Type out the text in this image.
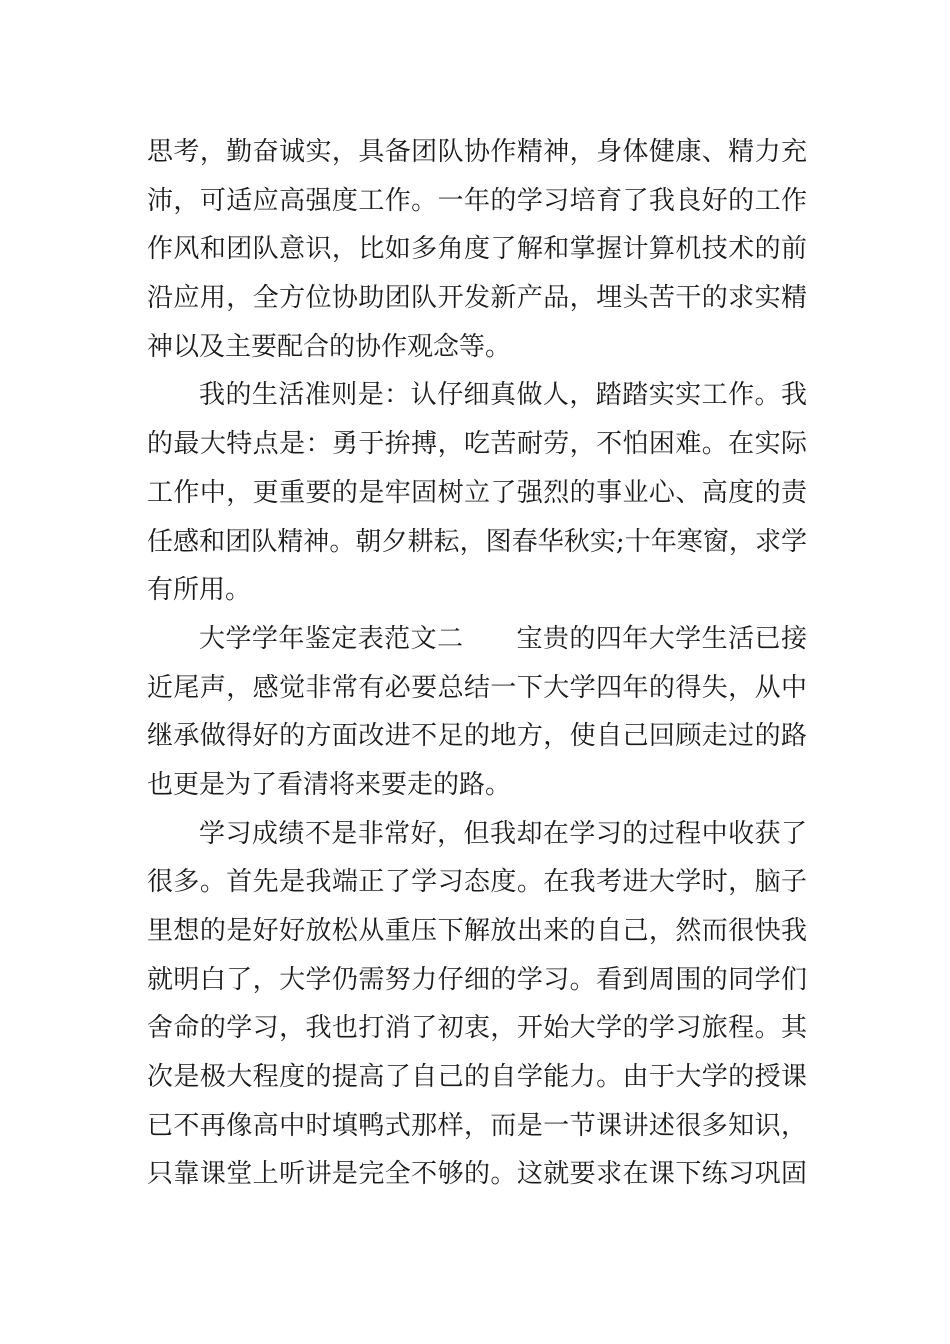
思考，勤奋诚实，具备团队协作精神，身体健康、精力充
沛，可适应高强度工作。一年的学习培育了我良好的工作
作风和团队意识，比如多角度了解和掌握计算机技术的前
沿应用，全方位协助团队开发新产品，埋头苦干的求实精
神以及主要配合的协作观念等。
我的生活准则是：认仔细真做人，踏踏实实工作。我
的最大特点是：勇于拚搏，吃苦耐劳，不怕困难。在实际
工作中，更重要的是牢固树立了强烈的事业心、高度的责
任感和团队精神。朝夕耕耘，图春华秋实;十年寒窗，求学
有所用。
大学学年鉴定表范文二　　宝贵的四年大学生活已接
近尾声，感觉非常有必要总结一下大学四年的得失，从中
继承做得好的方面改进不足的地方，使自己回顾走过的路
也更是为了看清将来要走的路。
学习成绩不是非常好，但我却在学习的过程中收获了
很多。首先是我端正了学习态度。在我考进大学时，脑子
里想的是好好放松从重压下解放出来的自己，然而很快我
就明白了，大学仍需努力仔细的学习。看到周围的同学们
舍命的学习，我也打消了初衷，开始大学的学习旅程。其
次是极大程度的提高了自己的自学能力。由于大学的授课
已不再像高中时填鸭式那样，而是一节课讲述很多知识，
只靠课堂上听讲是完全不够的。这就要求在课下练习巩固
